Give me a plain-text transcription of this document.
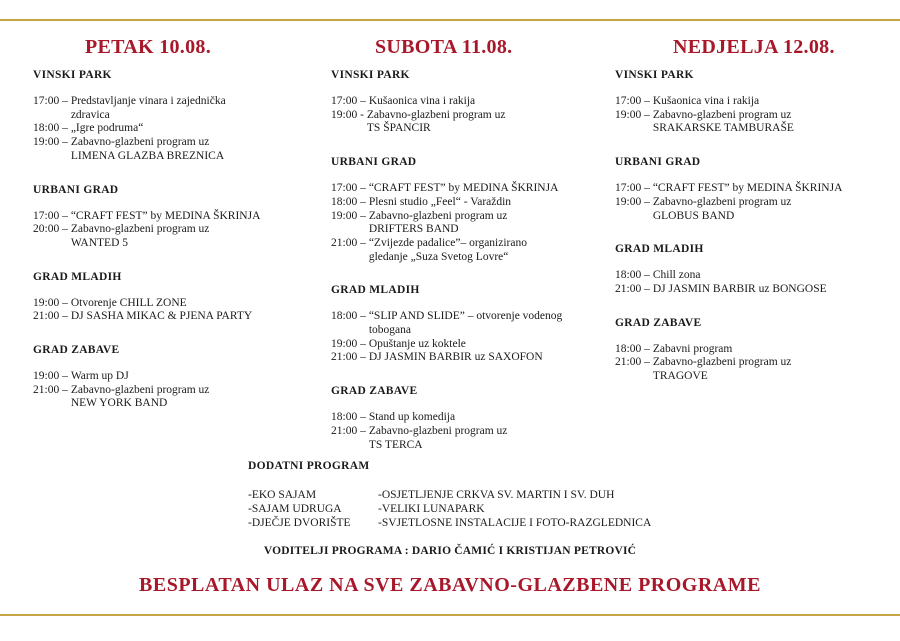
PETAK 10.08.
VINSKI PARK
17:00 – Predstavljanje vinara i zajednička
zdravica
18:00 – „Igre podruma“
19:00 – Zabavno-glazbeni program uz
LIMENA GLAZBA BREZNICA
URBANI GRAD
17:00 – “CRAFT FEST” by MEDINA ŠKRINJA
20:00 – Zabavno-glazbeni program uz
WANTED 5
GRAD MLADIH
19:00 – Otvorenje CHILL ZONE
21:00 – DJ SASHA MIKAC & PJENA PARTY
GRAD ZABAVE
19:00 – Warm up DJ
21:00 – Zabavno-glazbeni program uz
NEW YORK BAND
SUBOTA 11.08.
VINSKI PARK
17:00 – Kušaonica vina i rakija
19:00 - Zabavno-glazbeni program uz
TS ŠPANCIR
URBANI GRAD
17:00 – “CRAFT FEST” by MEDINA ŠKRINJA
18:00 – Plesni studio „Feel“ - Varaždin
19:00 – Zabavno-glazbeni program uz
DRIFTERS BAND
21:00 – “Zvijezde padalice”– organizirano
gledanje „Suza Svetog Lovre“
GRAD MLADIH
18:00 – “SLIP AND SLIDE” – otvorenje vodenog
tobogana
19:00 – Opuštanje uz koktele
21:00 – DJ JASMIN BARBIR uz SAXOFON
GRAD ZABAVE
18:00 – Stand up komedija
21:00 – Zabavno-glazbeni program uz
TS TERCA
NEDJELJA 12.08.
VINSKI PARK
17:00 – Kušaonica vina i rakija
19:00 – Zabavno-glazbeni program uz
SRAKARSKE TAMBURAŠE
URBANI GRAD
17:00 – “CRAFT FEST” by MEDINA ŠKRINJA
19:00 – Zabavno-glazbeni program uz
GLOBUS BAND
GRAD MLADIH
18:00 – Chill zona
21:00 – DJ JASMIN BARBIR uz BONGOSE
GRAD ZABAVE
18:00 – Zabavni program
21:00 – Zabavno-glazbeni program uz
TRAGOVE
DODATNI PROGRAM
-EKO SAJAM
-SAJAM UDRUGA
-DJEČJE DVORIŠTE
-OSJETLJENJE CRKVA SV. MARTIN I SV. DUH
-VELIKI LUNAPARK
-SVJETLOSNE INSTALACIJE I FOTO-RAZGLEDNICA
VODITELJI PROGRAMA : DARIO ČAMIĆ I KRISTIJAN PETROVIĆ
BESPLATAN ULAZ NA SVE ZABAVNO-GLAZBENE PROGRAME
